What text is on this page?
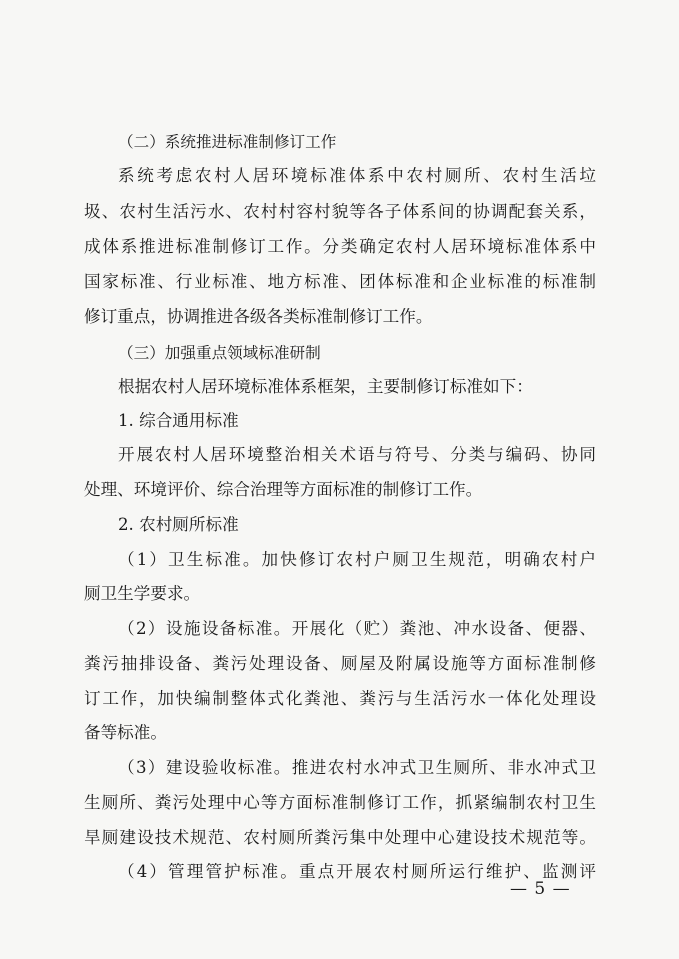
（二）系统推进标准制修订工作
系统考虑农村人居环境标准体系中农村厕所、农村生活垃
圾、农村生活污水、农村村容村貌等各子体系间的协调配套关系，
成体系推进标准制修订工作。分类确定农村人居环境标准体系中
国家标准、行业标准、地方标准、团体标准和企业标准的标准制
修订重点，协调推进各级各类标准制修订工作。
（三）加强重点领域标准研制
根据农村人居环境标准体系框架，主要制修订标准如下：
1. 综合通用标准
开展农村人居环境整治相关术语与符号、分类与编码、协同
处理、环境评价、综合治理等方面标准的制修订工作。
2. 农村厕所标准
（1）卫生标准。加快修订农村户厕卫生规范，明确农村户
厕卫生学要求。
（2）设施设备标准。开展化（贮）粪池、冲水设备、便器、
粪污抽排设备、粪污处理设备、厕屋及附属设施等方面标准制修
订工作，加快编制整体式化粪池、粪污与生活污水一体化处理设
备等标准。
（3）建设验收标准。推进农村水冲式卫生厕所、非水冲式卫
生厕所、粪污处理中心等方面标准制修订工作，抓紧编制农村卫生
旱厕建设技术规范、农村厕所粪污集中处理中心建设技术规范等。
（4）管理管护标准。重点开展农村厕所运行维护、监测评
— 5 —
